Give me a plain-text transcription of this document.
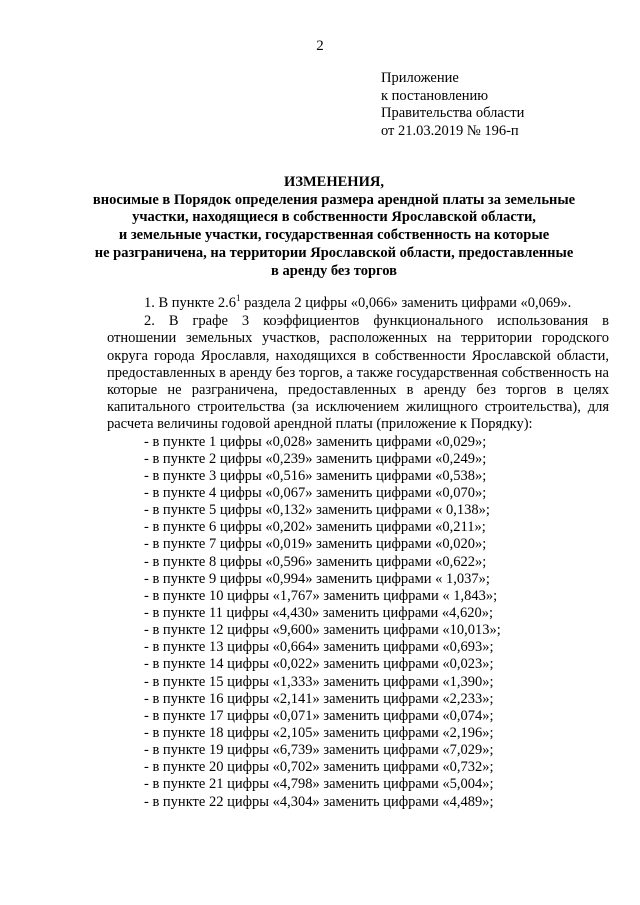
2
Приложение
к постановлению
Правительства области
от 21.03.2019 № 196-п
ИЗМЕНЕНИЯ,
вносимые в Порядок определения размера арендной платы за земельные
участки, находящиеся в собственности Ярославской области,
и земельные участки, государственная собственность на которые
не разграничена, на территории Ярославской области, предоставленные
в аренду без торгов
1. В пункте $2.6^1$ раздела 2 цифры «0,066» заменить цифрами «0,069».
2. В графе 3 коэффициентов функционального использования в отношении земельных участков, расположенных на территории городского округа города Ярославля, находящихся в собственности Ярославской области, предоставленных в аренду без торгов, а также государственная собственность на которые не разграничена, предоставленных в аренду без торгов в целях капитального строительства (за исключением жилищного строительства), для расчета величины годовой арендной платы (приложение к Порядку):
- в пункте 1 цифры «0,028» заменить цифрами «0,029»;
- в пункте 2 цифры «0,239» заменить цифрами «0,249»;
- в пункте 3 цифры «0,516» заменить цифрами «0,538»;
- в пункте 4 цифры «0,067» заменить цифрами «0,070»;
- в пункте 5 цифры «0,132» заменить цифрами « 0,138»;
- в пункте 6 цифры «0,202» заменить цифрами «0,211»;
- в пункте 7 цифры «0,019» заменить цифрами «0,020»;
- в пункте 8 цифры «0,596» заменить цифрами «0,622»;
- в пункте 9 цифры «0,994» заменить цифрами « 1,037»;
- в пункте 10 цифры «1,767» заменить цифрами « 1,843»;
- в пункте 11 цифры «4,430» заменить цифрами «4,620»;
- в пункте 12 цифры «9,600» заменить цифрами «10,013»;
- в пункте 13 цифры «0,664» заменить цифрами «0,693»;
- в пункте 14 цифры «0,022» заменить цифрами «0,023»;
- в пункте 15 цифры «1,333» заменить цифрами «1,390»;
- в пункте 16 цифры «2,141» заменить цифрами «2,233»;
- в пункте 17 цифры «0,071» заменить цифрами «0,074»;
- в пункте 18 цифры «2,105» заменить цифрами «2,196»;
- в пункте 19 цифры «6,739» заменить цифрами «7,029»;
- в пункте 20 цифры «0,702» заменить цифрами «0,732»;
- в пункте 21 цифры «4,798» заменить цифрами «5,004»;
- в пункте 22 цифры «4,304» заменить цифрами «4,489»;
